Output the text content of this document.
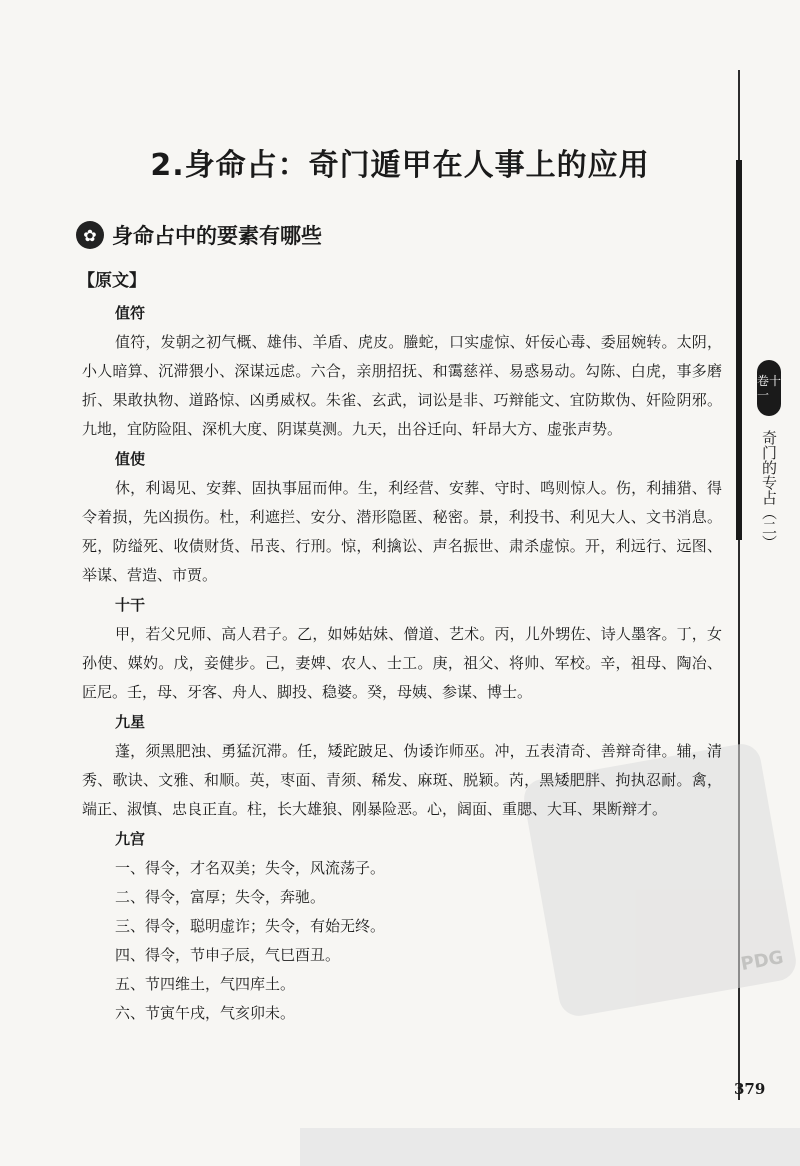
PDG
2.身命占：奇门遁甲在人事上的应用
✿ 身命占中的要素有哪些
【原文】
值符

值符，发朝之初气概、雄伟、羊盾、虎皮。螣蛇，口实虚惊、奸佞心毒、委屈婉转。太阴，小人暗算、沉滞猥小、深谋远虑。六合，亲朋招抚、和霭慈祥、易惑易动。勾陈、白虎，事多磨折、果敢执物、道路惊、凶勇威权。朱雀、玄武，词讼是非、巧辩能文、宜防欺伪、奸险阴邪。九地，宜防险阻、深机大度、阴谋莫测。九天，出谷迁向、轩昂大方、虚张声势。

值使

休，利谒见、安葬、固执事屈而伸。生，利经营、安葬、守时、鸣则惊人。伤，利捕猎、得令着损，先凶损伤。杜，利遮拦、安分、潜形隐匿、秘密。景，利投书、利见大人、文书消息。死，防缢死、收债财货、吊丧、行刑。惊，利擒讼、声名振世、肃杀虚惊。开，利远行、远图、举谋、营造、市贾。

十干

甲，若父兄师、高人君子。乙，如姊姑妹、僧道、艺术。丙，儿外甥佐、诗人墨客。丁，女孙使、媒妁。戊，妾健步。己，妻婢、农人、士工。庚，祖父、将帅、军校。辛，祖母、陶冶、匠尼。壬，母、牙客、舟人、脚投、稳婆。癸，母姨、参谋、博士。

九星

蓬，须黑肥浊、勇猛沉滞。任，矮跎跛足、伪诿诈师巫。冲，五表清奇、善辩奇律。辅，清秀、歌诀、文雅、和顺。英，枣面、青须、稀发、麻斑、脱颖。芮，黑矮肥胖、拘执忍耐。禽，端正、淑慎、忠良正直。柱，长大雄狼、刚暴险恶。心，阔面、重腮、大耳、果断辩才。

九宫

一、得令，才名双美；失令，风流荡子。

二、得令，富厚；失令，奔驰。

三、得令，聪明虚诈；失令，有始无终。

四、得令，节申子辰，气巳酉丑。

五、节四维土，气四库土。

六、节寅午戌，气亥卯未。

卷十一
奇门的专占（二）
379
